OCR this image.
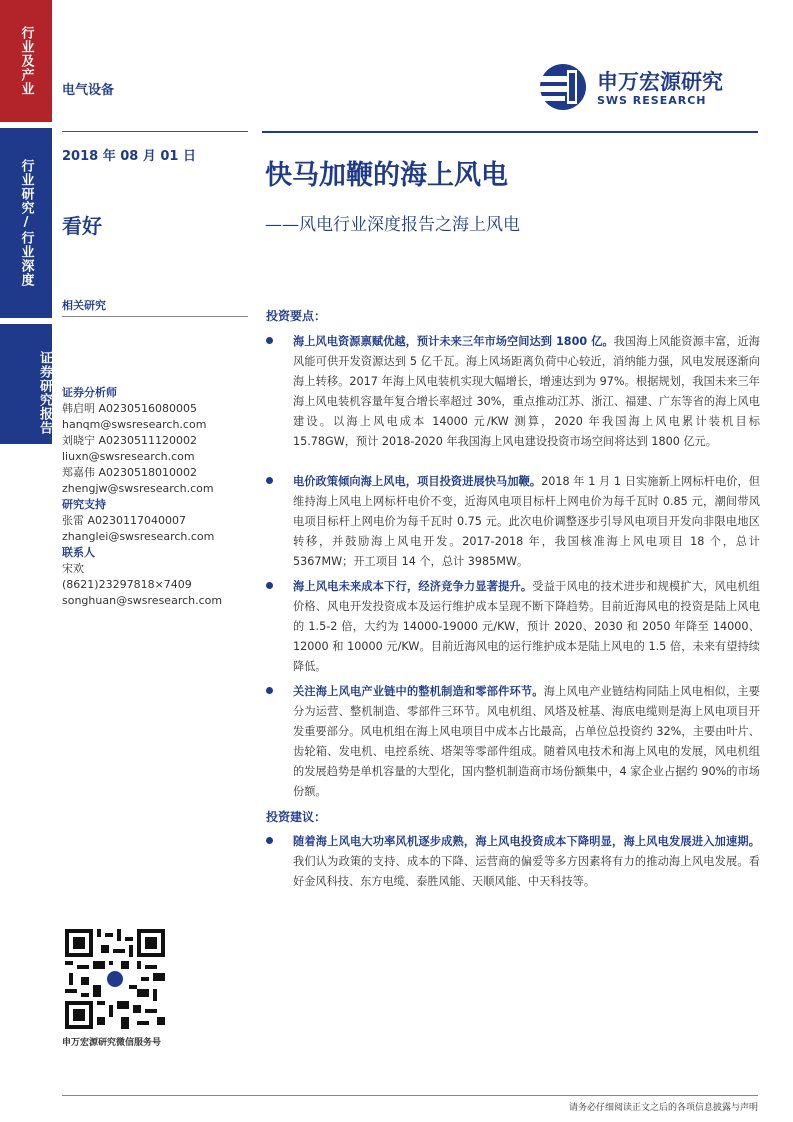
行业及产业
行业研究/行业深度
证券研究报告
电气设备	申万宏源研究
SWS RESEARCH
2018 年 08 月 01 日
看好
快马加鞭的海上风电
——风电行业深度报告之海上风电
相关研究
证券分析师
韩启明 A0230516080005
hanqm@swsresearch.com
刘晓宁 A0230511120002
liuxn@swsresearch.com
郑嘉伟 A0230518010002
zhengjw@swsresearch.com
研究支持
张雷 A0230117040007
zhanglei@swsresearch.com
联系人
宋欢
(8621)23297818×7409
songhuan@swsresearch.com
投资要点：
海上风电资源禀赋优越，预计未来三年市场空间达到 1800 亿。我国海上风能资源丰富，近海风能可供开发资源达到 5 亿千瓦。海上风场距离负荷中心较近，消纳能力强，风电发展逐渐向海上转移。2017 年海上风电装机实现大幅增长，增速达到为 97%。根据规划，我国未来三年海上风电装机容量年复合增长率超过 30%，重点推动江苏、浙江、福建、广东等省的海上风电建设。以海上风电成本 14000 元/KW 测算，2020 年我国海上风电累计装机目标 15.78GW，预计 2018-2020 年我国海上风电建设投资市场空间将达到 1800 亿元。
电价政策倾向海上风电，项目投资进展快马加鞭。2018 年 1 月 1 日实施新上网标杆电价，但维持海上风电上网标杆电价不变，近海风电项目标杆上网电价为每千瓦时 0.85 元，潮间带风电项目标杆上网电价为每千瓦时 0.75 元。此次电价调整逐步引导风电项目开发向非限电地区转移，并鼓励海上风电开发。2017-2018 年，我国核准海上风电项目 18 个，总计 5367MW；开工项目 14 个，总计 3985MW。
海上风电未来成本下行，经济竞争力显著提升。受益于风电的技术进步和规模扩大，风电机组价格、风电开发投资成本及运行维护成本呈现不断下降趋势。目前近海风电的投资是陆上风电的 1.5-2 倍，大约为 14000-19000 元/KW，预计 2020、2030 和 2050 年降至 14000、12000 和 10000 元/KW。目前近海风电的运行维护成本是陆上风电的 1.5 倍，未来有望持续降低。
关注海上风电产业链中的整机制造和零部件环节。海上风电产业链结构同陆上风电相似，主要分为运营、整机制造、零部件三环节。风电机组、风塔及桩基、海底电缆则是海上风电项目开发重要部分。风电机组在海上风电项目中成本占比最高，占单位总投资约 32%，主要由叶片、齿轮箱、发电机、电控系统、塔架等零部件组成。随着风电技术和海上风电的发展，风电机组的发展趋势是单机容量的大型化，国内整机制造商市场份额集中，4 家企业占据约 90%的市场份额。
投资建议：
随着海上风电大功率风机逐步成熟，海上风电投资成本下降明显，海上风电发展进入加速期。我们认为政策的支持、成本的下降、运营商的偏爱等多方因素将有力的推动海上风电发展。看好金风科技、东方电缆、泰胜风能、天顺风能、中天科技等。
申万宏源研究微信服务号
请务必仔细阅读正文之后的各项信息披露与声明
